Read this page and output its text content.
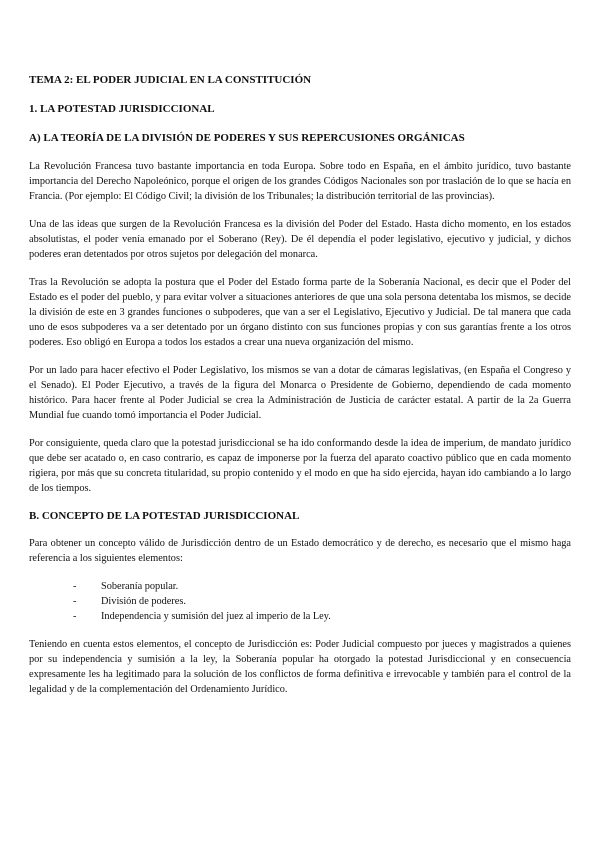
TEMA 2: EL PODER JUDICIAL EN LA CONSTITUCIÓN
1. LA POTESTAD JURISDICCIONAL
A) LA TEORÍA DE LA DIVISIÓN DE PODERES Y SUS REPERCUSIONES ORGÁNICAS

La Revolución Francesa tuvo bastante importancia en toda Europa. Sobre todo en España, en el ámbito jurídico, tuvo bastante importancia del Derecho Napoleónico, porque el origen de los grandes Códigos Nacionales son por traslación de lo que se hacía en Francia. (Por ejemplo: El Código Civil; la división de los Tribunales; la distribución territorial de las provincias).

Una de las ideas que surgen de la Revolución Francesa es la división del Poder del Estado. Hasta dicho momento, en los estados absolutistas, el poder venía emanado por el Soberano (Rey). De él dependía el poder legislativo, ejecutivo y judicial, y dichos poderes eran detentados por otros sujetos por delegación del monarca.

Tras la Revolución se adopta la postura que el Poder del Estado forma parte de la Soberanía Nacional, es decir que el Poder del Estado es el poder del pueblo, y para evitar volver a situaciones anteriores de que una sola persona detentaba los mismos, se decide la división de este en 3 grandes funciones o subpoderes, que van a ser el Legislativo, Ejecutivo y Judicial. De tal manera que cada uno de esos subpoderes va a ser detentado por un órgano distinto con sus funciones propias y con sus garantías frente a los otros poderes. Eso obligó en Europa a todos los estados a crear una nueva organización del mismo.

Por un lado para hacer efectivo el Poder Legislativo, los mismos se van a dotar de cámaras legislativas, (en España el Congreso y el Senado). El Poder Ejecutivo, a través de la figura del Monarca o Presidente de Gobierno, dependiendo de cada momento histórico. Para hacer frente al Poder Judicial se crea la Administración de Justicia de carácter estatal. A partir de la 2a Guerra Mundial fue cuando tomó importancia el Poder Judicial.

Por consiguiente, queda claro que la potestad jurisdiccional se ha ido conformando desde la idea de imperium, de mandato jurídico que debe ser acatado o, en caso contrario, es capaz de imponerse por la fuerza del aparato coactivo público que en cada momento rigiera, por más que su concreta titularidad, su propio contenido y el modo en que ha sido ejercida, hayan ido cambiando a lo largo de los tiempos.

B. CONCEPTO DE LA POTESTAD JURISDICCIONAL

Para obtener un concepto válido de Jurisdicción dentro de un Estado democrático y de derecho, es necesario que el mismo haga referencia a los siguientes elementos:

- Soberanía popular.
- División de poderes.
- Independencia y sumisión del juez al imperio de la Ley.

Teniendo en cuenta estos elementos, el concepto de Jurisdicción es: Poder Judicial compuesto por jueces y magistrados a quienes por su independencia y sumisión a la ley, la Soberanía popular ha otorgado la potestad Jurisdiccional y en consecuencia expresamente les ha legitimado para la solución de los conflictos de forma definitiva e irrevocable y también para el control de la legalidad y de la complementación del Ordenamiento Jurídico.
